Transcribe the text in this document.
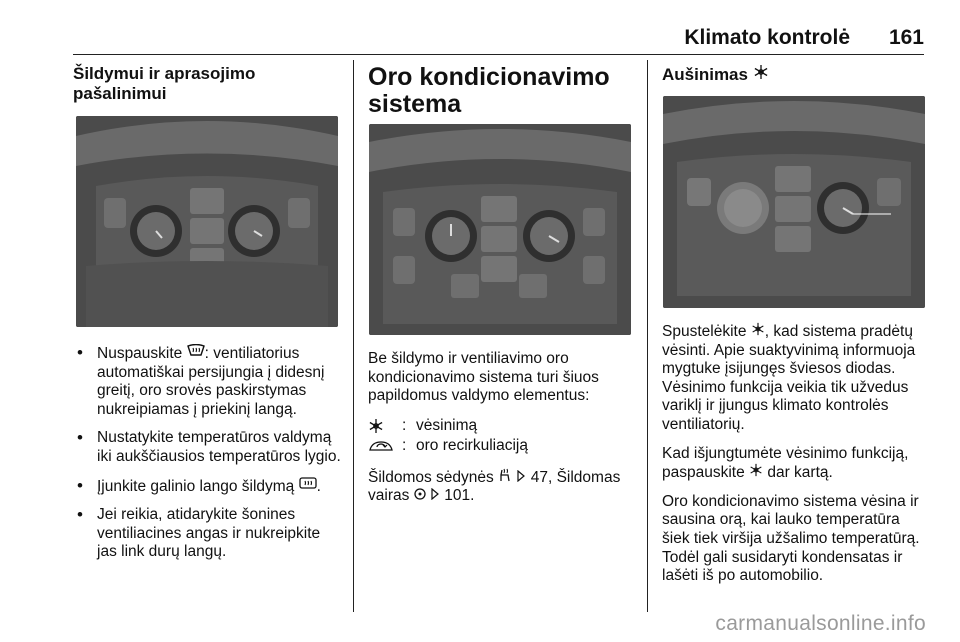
Klimato kontrolė 161
Šildymui ir aprasojimo pašalinimui
• Nuspauskite : ventiliatorius automatiškai persijungia į didesnį greitį, oro srovės paskirstymas nukreipiamas į priekinį langą.
• Nustatykite temperatūros valdymą iki aukščiausios temperatūros lygio.
• Įjunkite galinio lango šildymą .
• Jei reikia, atidarykite šonines ventiliacines angas ir nukreipkite jas link durų langų.
Oro kondicionavimo sistema

Be šildymo ir ventiliavimo oro kondicionavimo sistema turi šiuos papildomus valdymo elementus:

: vėsinimą
: oro recirkuliaciją

Šildomos sėdynės   47, Šildomas vairas   101.

Aušinimas

Spustelėkite , kad sistema pradėtų vėsinti. Apie suaktyvinimą informuoja mygtuke įsijungęs šviesos diodas. Vėsinimo funkcija veikia tik užvedus variklį ir įjungus klimato kontrolės ventiliatorių.

Kad išjungtumėte vėsinimo funkciją, paspauskite  dar kartą.

Oro kondicionavimo sistema vėsina ir sausina orą, kai lauko temperatūra šiek tiek viršija užšalimo temperatūrą. Todėl gali susidaryti kondensatas ir lašėti iš po automobilio.

carmanualsonline.info
